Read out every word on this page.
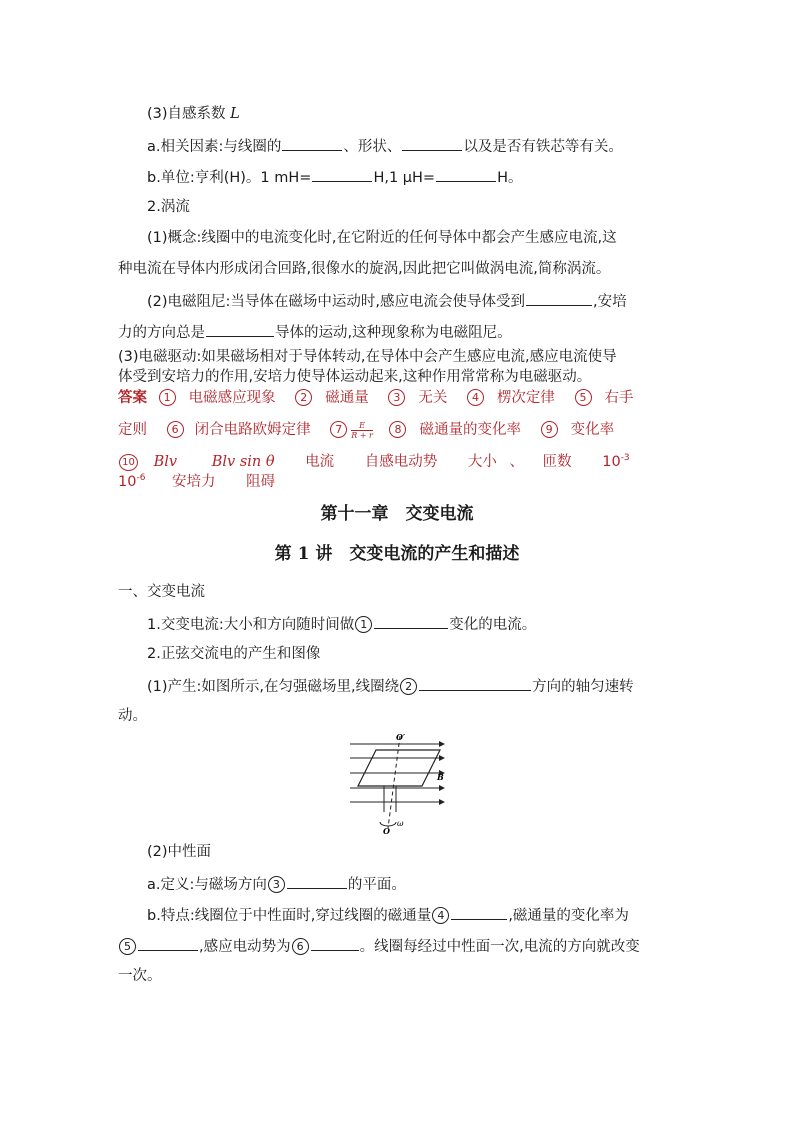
(3)自感系数 L
a.相关因素:与线圈的	、形状、	以及是否有铁芯等有关。
b.单位:亨利(H)。1 mH=	H,1 μH=	H。
2.涡流
(1)概念:线圈中的电流变化时,在它附近的任何导体中都会产生感应电流,这
种电流在导体内形成闭合回路,很像水的旋涡,因此把它叫做涡电流,简称涡流。
(2)电磁阻尼:当导体在磁场中运动时,感应电流会使导体受到	,安培
力的方向总是	导体的运动,这种现象称为电磁阻尼。
(3)电磁驱动:如果磁场相对于导体转动,在导体中会产生感应电流,感应电流使导
体受到安培力的作用,安培力使导体运动起来,这种作用常常称为电磁驱动。
答案 1 电磁感应现象 2 磁通量 3 无关 4 楞次定律 5 右手
定则 6 闭合电路欧姆定律 $7 \frac{E}{R + r} 8$ 磁通量的变化率 9 变化率
10 Blv Blv sin θ 电流 自感电动势 大小 、 匝数 $10^{-3}$
$10^{-6}$ 安培力 阻碍
第十一章　交变电流
第 1 讲　交变电流的产生和描述
一、交变电流
1.交变电流:大小和方向随时间做 1	变化的电流。
2.正弦交流电的产生和图像
(1)产生:如图所示,在匀强磁场里,线圈绕 2	方向的轴匀速转
动。
O′
B
ω
O
(2)中性面
a.定义:与磁场方向 3	的平面。
b.特点:线圈位于中性面时,穿过线圈的磁通量 4	,磁通量的变化率为
5	,感应电动势为 6	。线圈每经过中性面一次,电流的方向就改变
一次。
